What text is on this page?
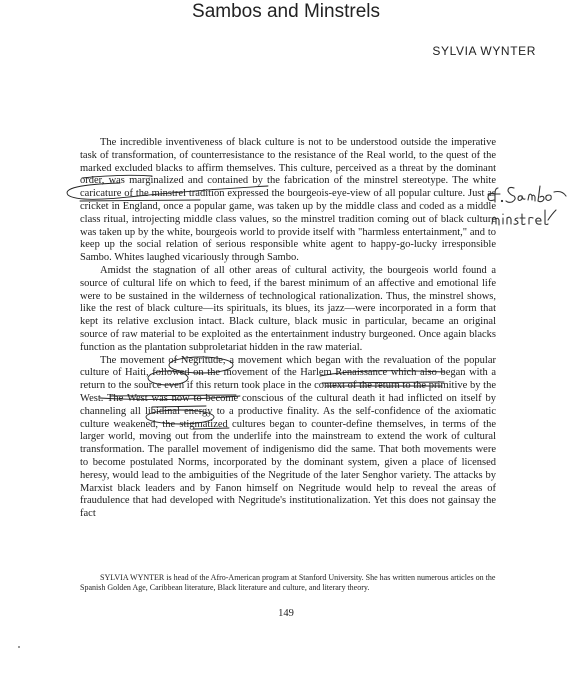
Sambos and Minstrels
SYLVIA WYNTER

The incredible inventiveness of black culture is not to be understood outside the imperative task of transformation, of counterresistance to the resistance of the Real world, to the quest of the marked excluded blacks to affirm themselves. This culture, perceived as a threat by the dominant order, was marginalized and contained by the fabrication of the minstrel stereotype. The white caricature of the minstrel tradition expressed the bourgeois-eye-view of all popular culture. Just as cricket in England, once a popular game, was taken up by the middle class and coded as a middle class ritual, introjecting middle class values, so the minstrel tradition coming out of black culture was taken up by the white, bourgeois world to provide itself with "harmless entertainment," and to keep up the social relation of serious responsible white agent to happy-go-lucky irresponsible Sambo. Whites laughed vicariously through Sambo.

Amidst the stagnation of all other areas of cultural activity, the bourgeois world found a source of cultural life on which to feed, if the barest minimum of an affective and emotional life were to be sustained in the wilderness of technological rationalization. Thus, the minstrel shows, like the rest of black culture—its spirituals, its blues, its jazz—were incorporated in a form that kept its relative exclusion intact. Black culture, black music in particular, became an original source of raw material to be exploited as the entertainment industry burgeoned. Once again blacks function as the plantation subproletariat hidden in the raw material.

The movement of Negritude, a movement which began with the revaluation of the popular culture of Haiti, followed on the movement of the Harlem Renaissance which also began with a return to the source even if this return took place in the context of the return to the primitive by the West. The West was now to become conscious of the cultural death it had inflicted on itself by channeling all libidinal energy to a productive finality. As the self-confidence of the axiomatic culture weakened, the stigmatized cultures began to counter-define themselves, in terms of the larger world, moving out from the underlife into the mainstream to extend the work of cultural transformation. The parallel movement of indigenismo did the same. That both movements were to become postulated Norms, incorporated by the dominant system, given a place of licensed heresy, would lead to the ambiguities of the Negritude of the later Senghor variety. The attacks by Marxist black leaders and by Fanon himself on Negritude would help to reveal the areas of fraudulence that had developed with Negritude's institutionalization. Yet this does not gainsay the fact

SYLVIA WYNTER is head of the Afro-American program at Stanford University. She has written numerous articles on the Spanish Golden Age, Caribbean literature, Black literature and culture, and literary theory.
149
